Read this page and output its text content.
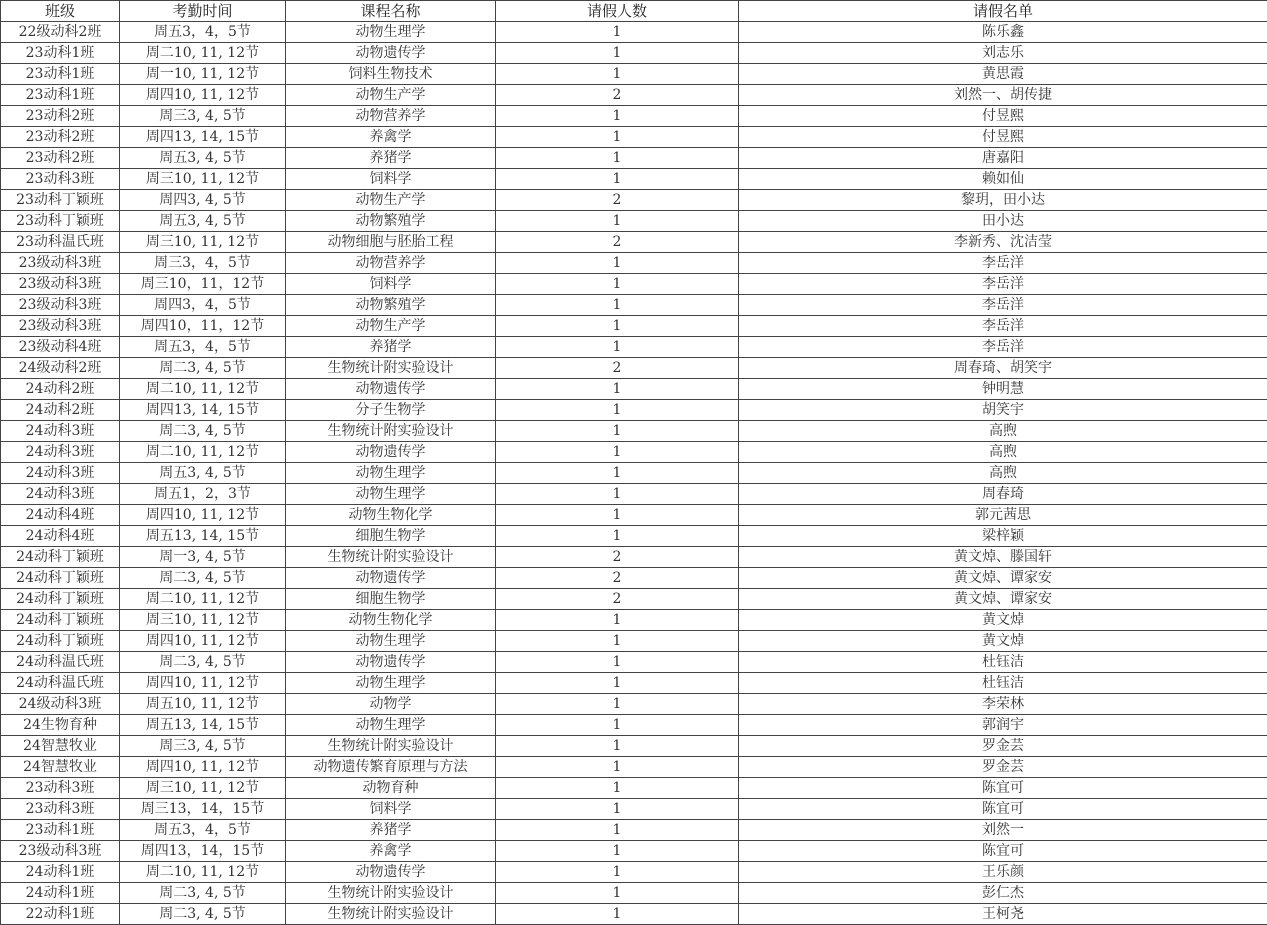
班级	考勤时间	课程名称	请假人数	请假名单
22级动科2班	周五3，4，5节	动物生理学	1	陈乐鑫
23动科1班	周二10, 11, 12节	动物遗传学	1	刘志乐
23动科1班	周一10, 11, 12节	饲料生物技术	1	黄思霞
23动科1班	周四10, 11, 12节	动物生产学	2	刘然一、胡传捷
23动科2班	周三3, 4, 5节	动物营养学	1	付昱熙
23动科2班	周四13, 14, 15节	养禽学	1	付昱熙
23动科2班	周五3, 4, 5节	养猪学	1	唐嘉阳
23动科3班	周三10, 11, 12节	饲料学	1	赖如仙
23动科丁颖班	周四3, 4, 5节	动物生产学	2	黎玥，田小达
23动科丁颖班	周五3, 4, 5节	动物繁殖学	1	田小达
23动科温氏班	周三10, 11, 12节	动物细胞与胚胎工程	2	李新秀、沈洁莹
23级动科3班	周三3，4，5节	动物营养学	1	李岳洋
23级动科3班	周三10，11，12节	饲料学	1	李岳洋
23级动科3班	周四3，4，5节	动物繁殖学	1	李岳洋
23级动科3班	周四10，11，12节	动物生产学	1	李岳洋
23级动科4班	周五3，4，5节	养猪学	1	李岳洋
24级动科2班	周二3, 4, 5节	生物统计附实验设计	2	周春琦、胡笑宇
24动科2班	周二10, 11, 12节	动物遗传学	1	钟明慧
24动科2班	周四13, 14, 15节	分子生物学	1	胡笑宇
24动科3班	周二3, 4, 5节	生物统计附实验设计	1	高煦
24动科3班	周二10, 11, 12节	动物遗传学	1	高煦
24动科3班	周五3, 4, 5节	动物生理学	1	高煦
24动科3班	周五1，2，3节	动物生理学	1	周春琦
24动科4班	周四10, 11, 12节	动物生物化学	1	郭元茜思
24动科4班	周五13, 14, 15节	细胞生物学	1	梁梓颖
24动科丁颖班	周一3, 4, 5节	生物统计附实验设计	2	黄文焯、滕国轩
24动科丁颖班	周二3, 4, 5节	动物遗传学	2	黄文焯、谭家安
24动科丁颖班	周二10, 11, 12节	细胞生物学	2	黄文焯、谭家安
24动科丁颖班	周三10, 11, 12节	动物生物化学	1	黄文焯
24动科丁颖班	周四10, 11, 12节	动物生理学	1	黄文焯
24动科温氏班	周二3, 4, 5节	动物遗传学	1	杜钰洁
24动科温氏班	周四10, 11, 12节	动物生理学	1	杜钰洁
24级动科3班	周五10, 11, 12节	动物学	1	李荣林
24生物育种	周五13, 14, 15节	动物生理学	1	郭润宇
24智慧牧业	周三3, 4, 5节	生物统计附实验设计	1	罗金芸
24智慧牧业	周四10, 11, 12节	动物遗传繁育原理与方法	1	罗金芸
23动科3班	周三10, 11, 12节	动物育种	1	陈宜可
23动科3班	周三13，14，15节	饲料学	1	陈宜可
23动科1班	周五3，4，5节	养猪学	1	刘然一
23级动科3班	周四13，14，15节	养禽学	1	陈宜可
24动科1班	周二10, 11, 12节	动物遗传学	1	王乐颜
24动科1班	周二3, 4, 5节	生物统计附实验设计	1	彭仁杰
22动科1班	周二3, 4, 5节	生物统计附实验设计	1	王柯尧
